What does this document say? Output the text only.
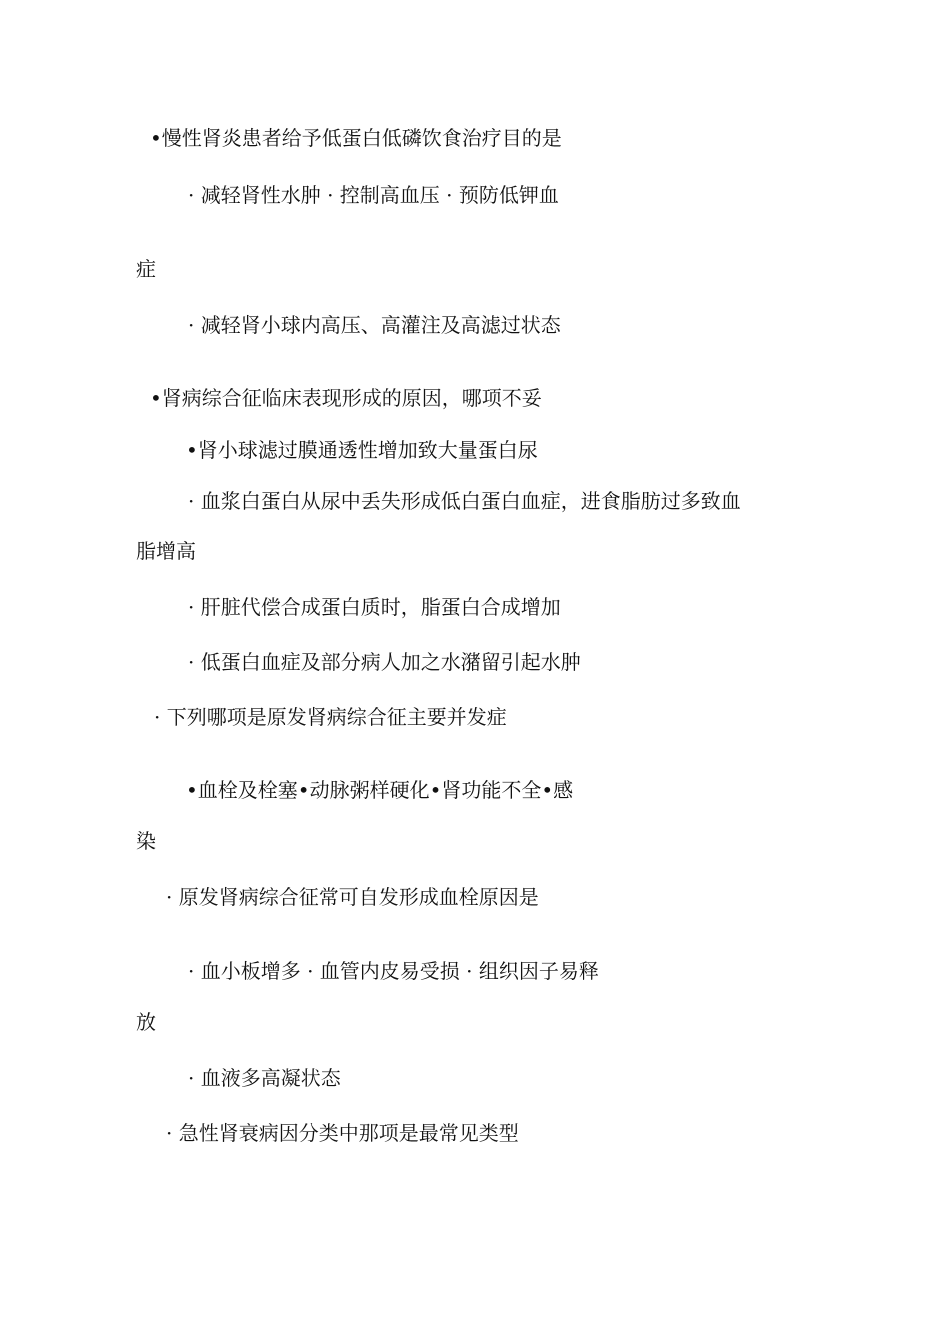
•慢性肾炎患者给予低蛋白低磷饮食治疗目的是
· 减轻肾性水肿 · 控制高血压 · 预防低钾血
症
· 减轻肾小球内高压、高灌注及高滤过状态
•肾病综合征临床表现形成的原因，哪项不妥
•肾小球滤过膜通透性增加致大量蛋白尿
· 血浆白蛋白从尿中丢失形成低白蛋白血症，进食脂肪过多致血
脂增高
· 肝脏代偿合成蛋白质时，脂蛋白合成增加
· 低蛋白血症及部分病人加之水潴留引起水肿
· 下列哪项是原发肾病综合征主要并发症
•血栓及栓塞•动脉粥样硬化•肾功能不全•感
染
· 原发肾病综合征常可自发形成血栓原因是
· 血小板增多 · 血管内皮易受损 · 组织因子易释
放
· 血液多高凝状态
· 急性肾衰病因分类中那项是最常见类型
